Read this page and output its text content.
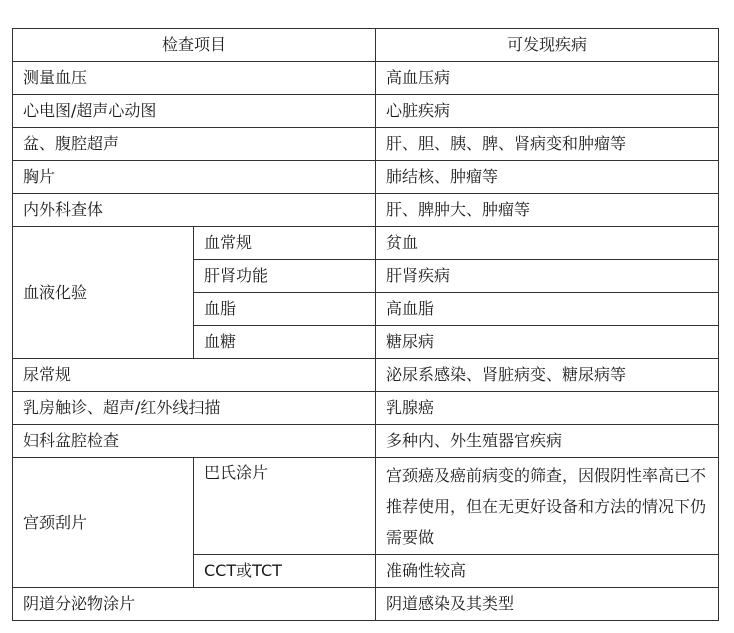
检查项目		可发现疾病
测量血压		高血压病
心电图/超声心动图		心脏疾病
盆、腹腔超声		肝、胆、胰、脾、肾病变和肿瘤等
胸片		肺结核、肿瘤等
内外科查体		肝、脾肿大、肿瘤等
血液化验	血常规	贫血
	肝肾功能	肝肾疾病
	血脂	高血脂
	血糖	糖尿病
尿常规		泌尿系感染、肾脏病变、糖尿病等
乳房触诊、超声/红外线扫描		乳腺癌
妇科盆腔检查		多种内、外生殖器官疾病
宫颈刮片	巴氏涂片	宫颈癌及癌前病变的筛查，因假阴性率高已不推荐使用，但在无更好设备和方法的情况下仍需要做
	CCT或TCT	准确性较高
阴道分泌物涂片		阴道感染及其类型
